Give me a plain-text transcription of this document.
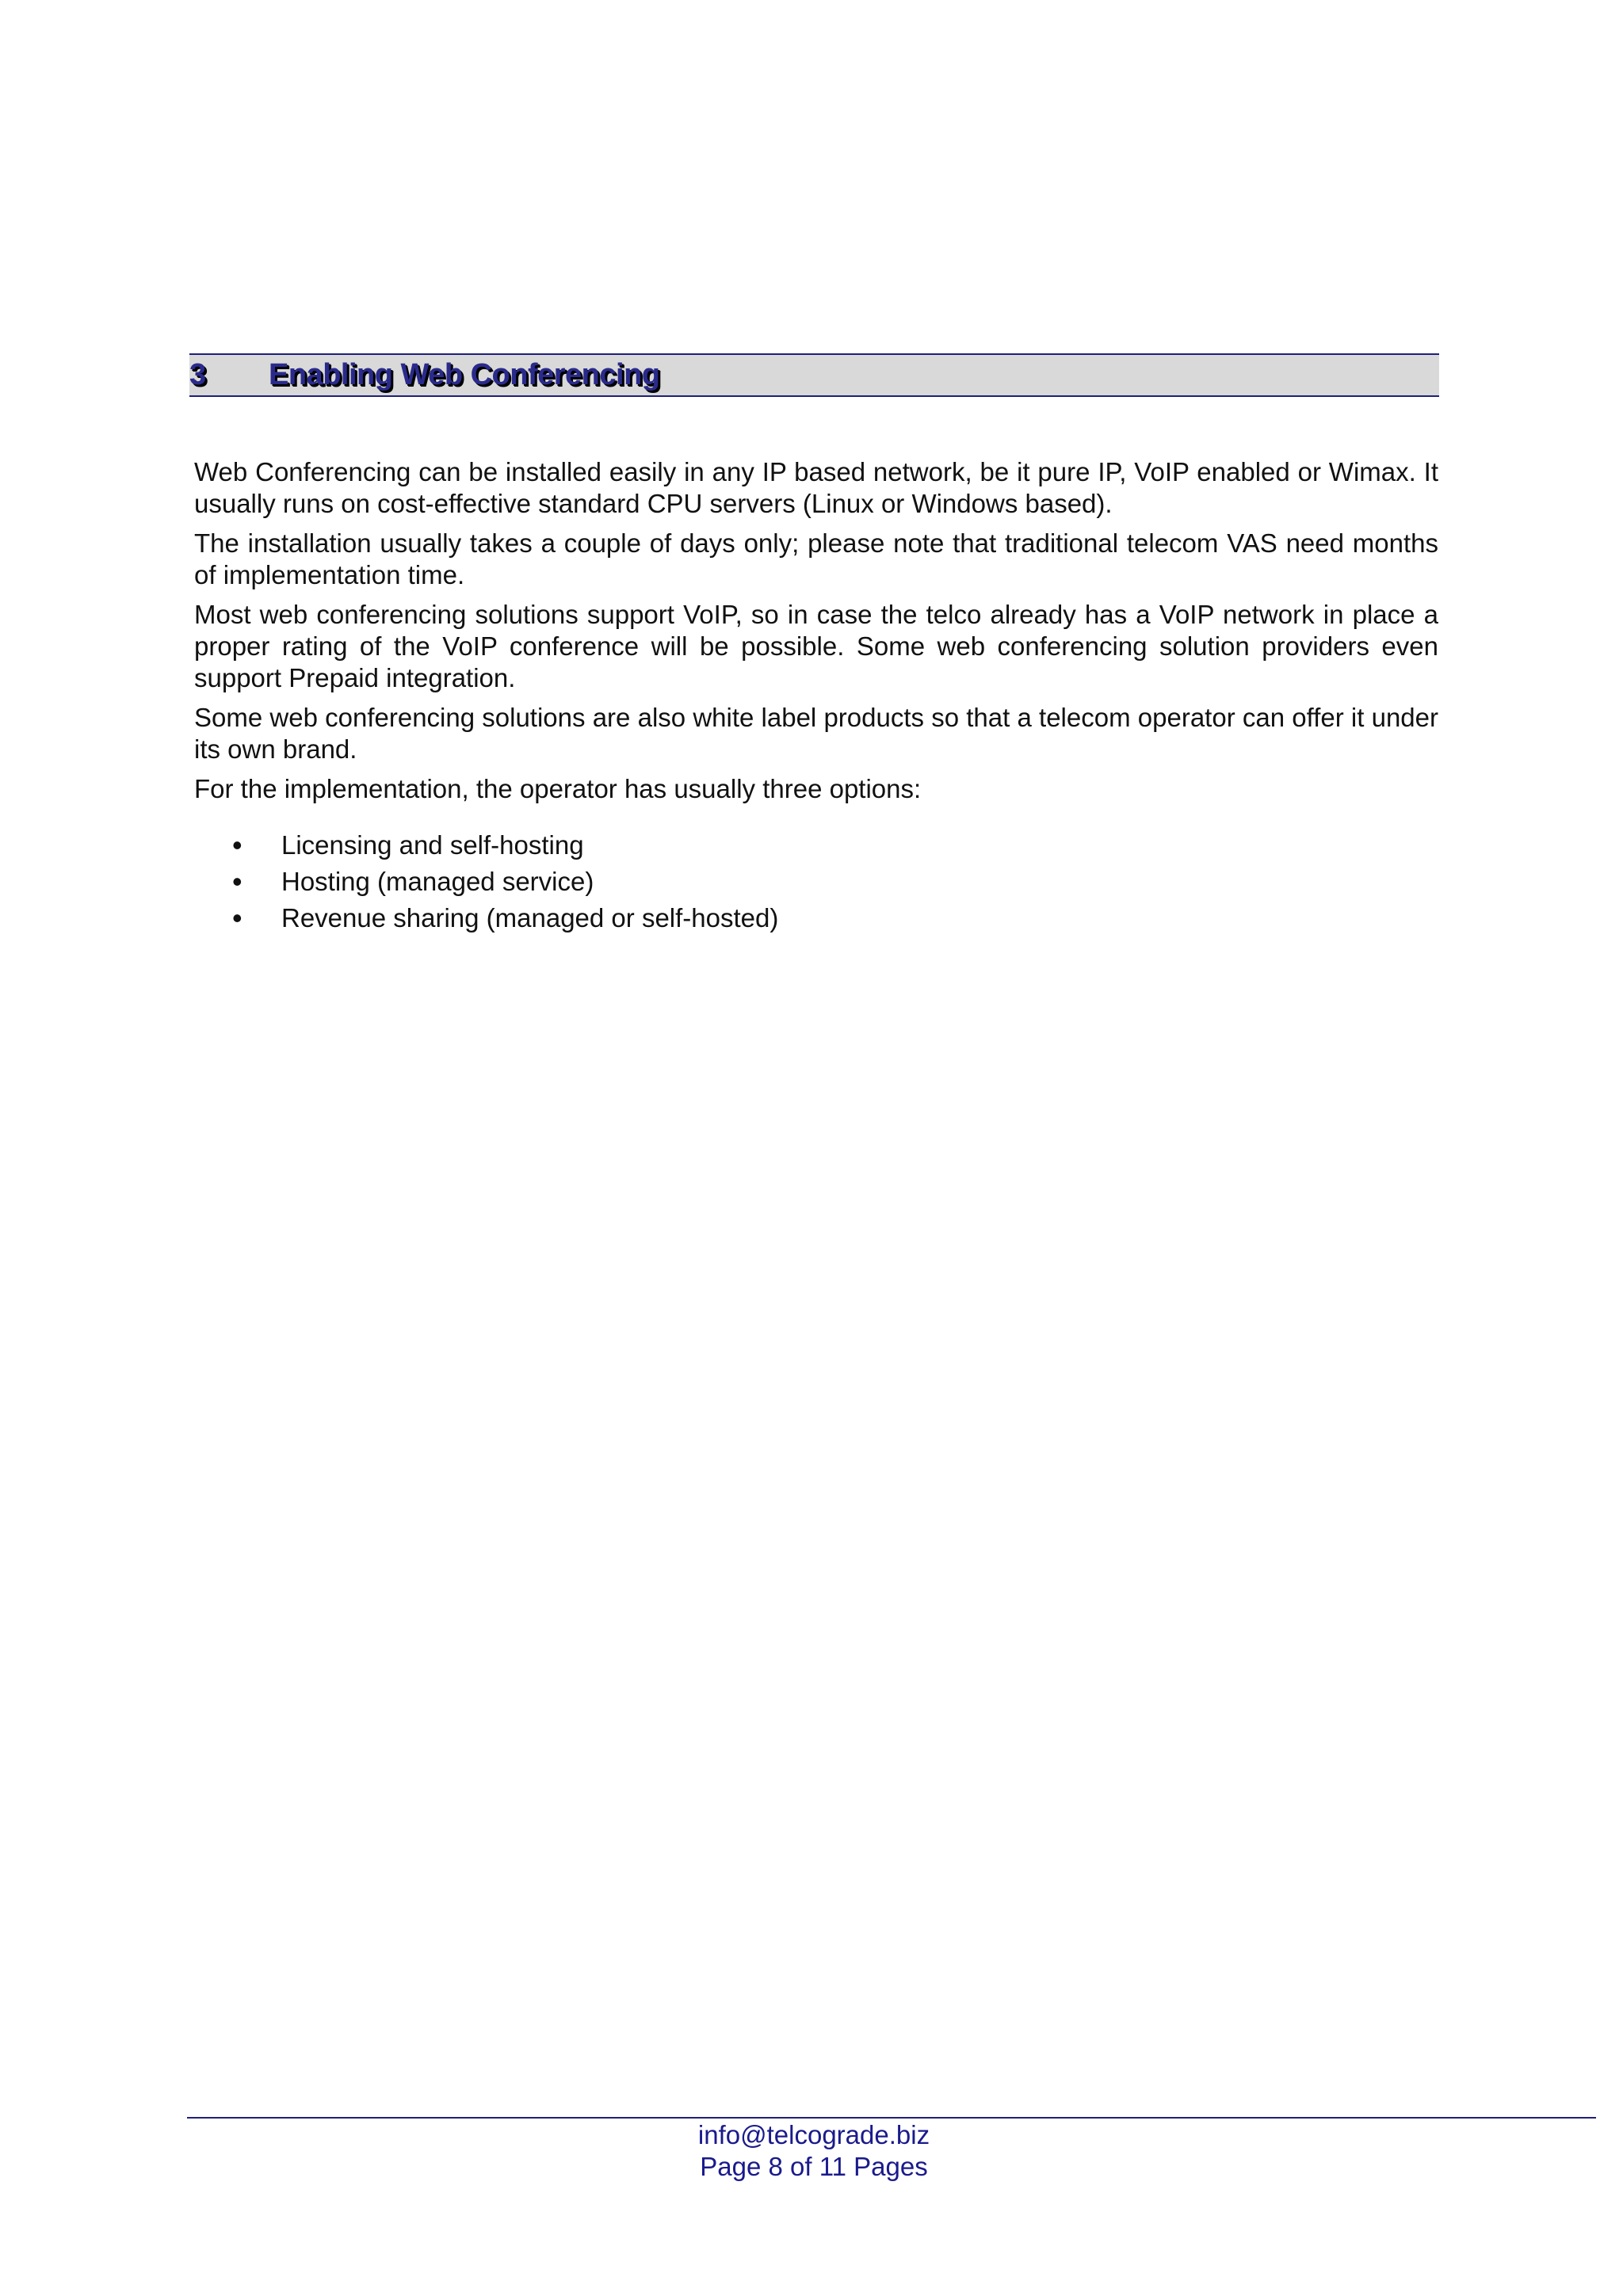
3 Enabling Web Conferencing

Web Conferencing can be installed easily in any IP based network, be it pure IP, VoIP enabled or Wimax. It usually runs on cost-effective standard CPU servers (Linux or Windows based).

The installation usually takes a couple of days only; please note that traditional telecom VAS need months of implementation time.

Most web conferencing solutions support VoIP, so in case the telco already has a VoIP network in place a proper rating of the VoIP conference will be possible. Some web conferencing solution providers even support Prepaid integration.

Some web conferencing solutions are also white label products so that a telecom operator can offer it under its own brand.

For the implementation, the operator has usually three options:

• Licensing and self-hosting
• Hosting (managed service)
• Revenue sharing (managed or self-hosted)
info@telcograde.biz
Page 8 of 11 Pages
